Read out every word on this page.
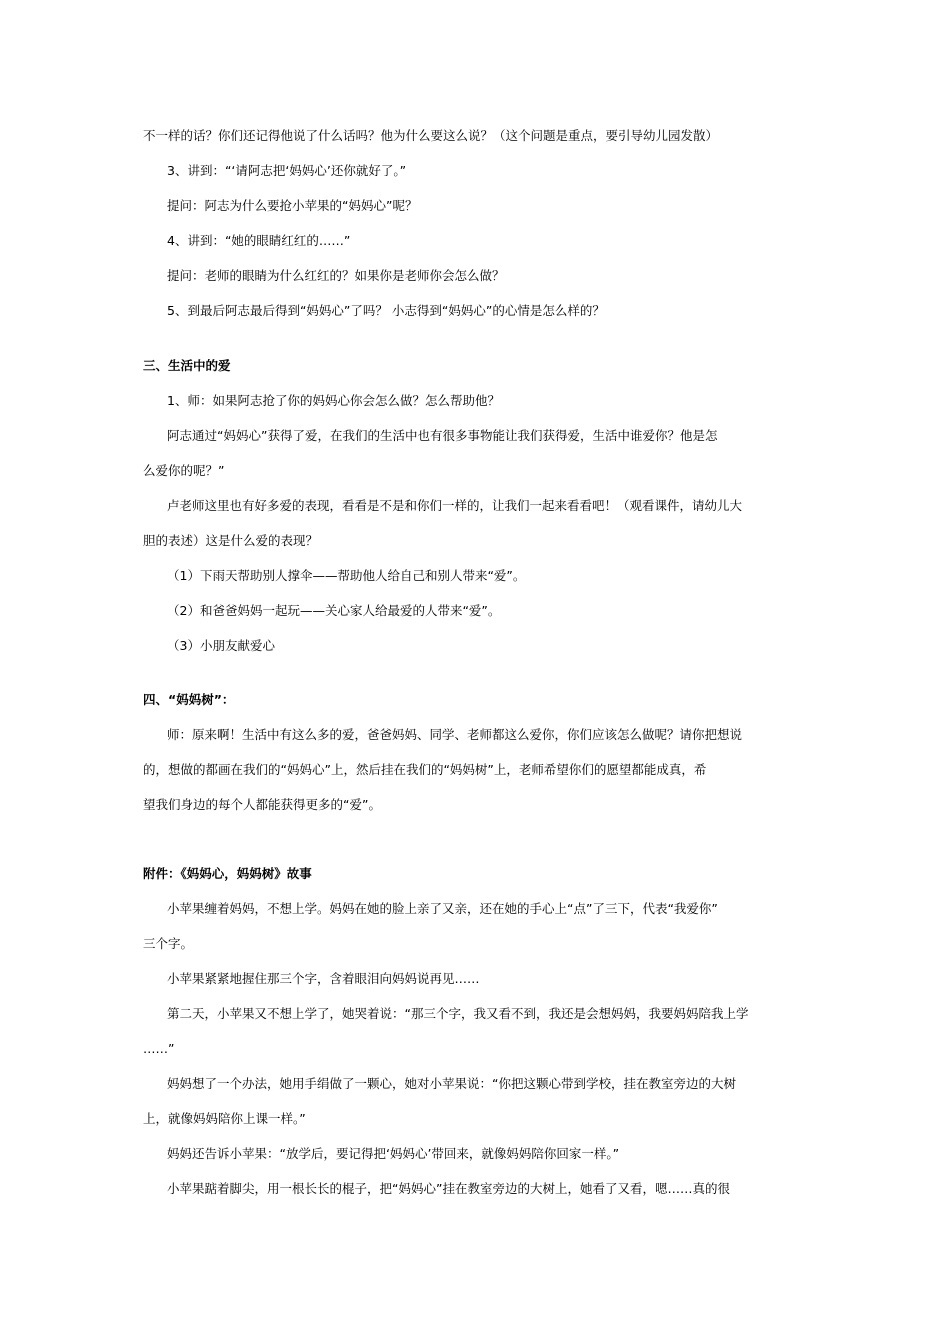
不一样的话？你们还记得他说了什么话吗？他为什么要这么说？（这个问题是重点，要引导幼儿园发散）
3、讲到：“‘请阿志把‘妈妈心’还你就好了。”
提问：阿志为什么要抢小苹果的“妈妈心”呢？
4、讲到：“她的眼睛红红的……”
提问：老师的眼睛为什么红红的？如果你是老师你会怎么做？
5、到最后阿志最后得到“妈妈心”了吗？ 小志得到“妈妈心”的心情是怎么样的？
三、生活中的爱
1、师：如果阿志抢了你的妈妈心你会怎么做？怎么帮助他？
阿志通过“妈妈心”获得了爱，在我们的生活中也有很多事物能让我们获得爱，生活中谁爱你？他是怎
么爱你的呢？”
卢老师这里也有好多爱的表现，看看是不是和你们一样的，让我们一起来看看吧！（观看课件，请幼儿大
胆的表述）这是什么爱的表现？
（1）下雨天帮助别人撑伞——帮助他人给自己和别人带来“爱”。
（2）和爸爸妈妈一起玩——关心家人给最爱的人带来“爱”。
（3）小朋友献爱心
四、“妈妈树”：
师：原来啊！生活中有这么多的爱，爸爸妈妈、同学、老师都这么爱你，你们应该怎么做呢？请你把想说
的，想做的都画在我们的“妈妈心”上，然后挂在我们的“妈妈树”上，老师希望你们的愿望都能成真，希
望我们身边的每个人都能获得更多的“爱”。
附件：《妈妈心，妈妈树》故事
小苹果缠着妈妈，不想上学。妈妈在她的脸上亲了又亲，还在她的手心上“点”了三下，代表“我爱你”
三个字。
小苹果紧紧地握住那三个字，含着眼泪向妈妈说再见……
第二天，小苹果又不想上学了，她哭着说：“那三个字，我又看不到，我还是会想妈妈，我要妈妈陪我上学
……”
妈妈想了一个办法，她用手绢做了一颗心，她对小苹果说：“你把这颗心带到学校，挂在教室旁边的大树
上，就像妈妈陪你上课一样。”
妈妈还告诉小苹果：“放学后，要记得把‘妈妈心’带回来，就像妈妈陪你回家一样。”
小苹果踮着脚尖，用一根长长的棍子，把“妈妈心”挂在教室旁边的大树上，她看了又看，嗯……真的很
